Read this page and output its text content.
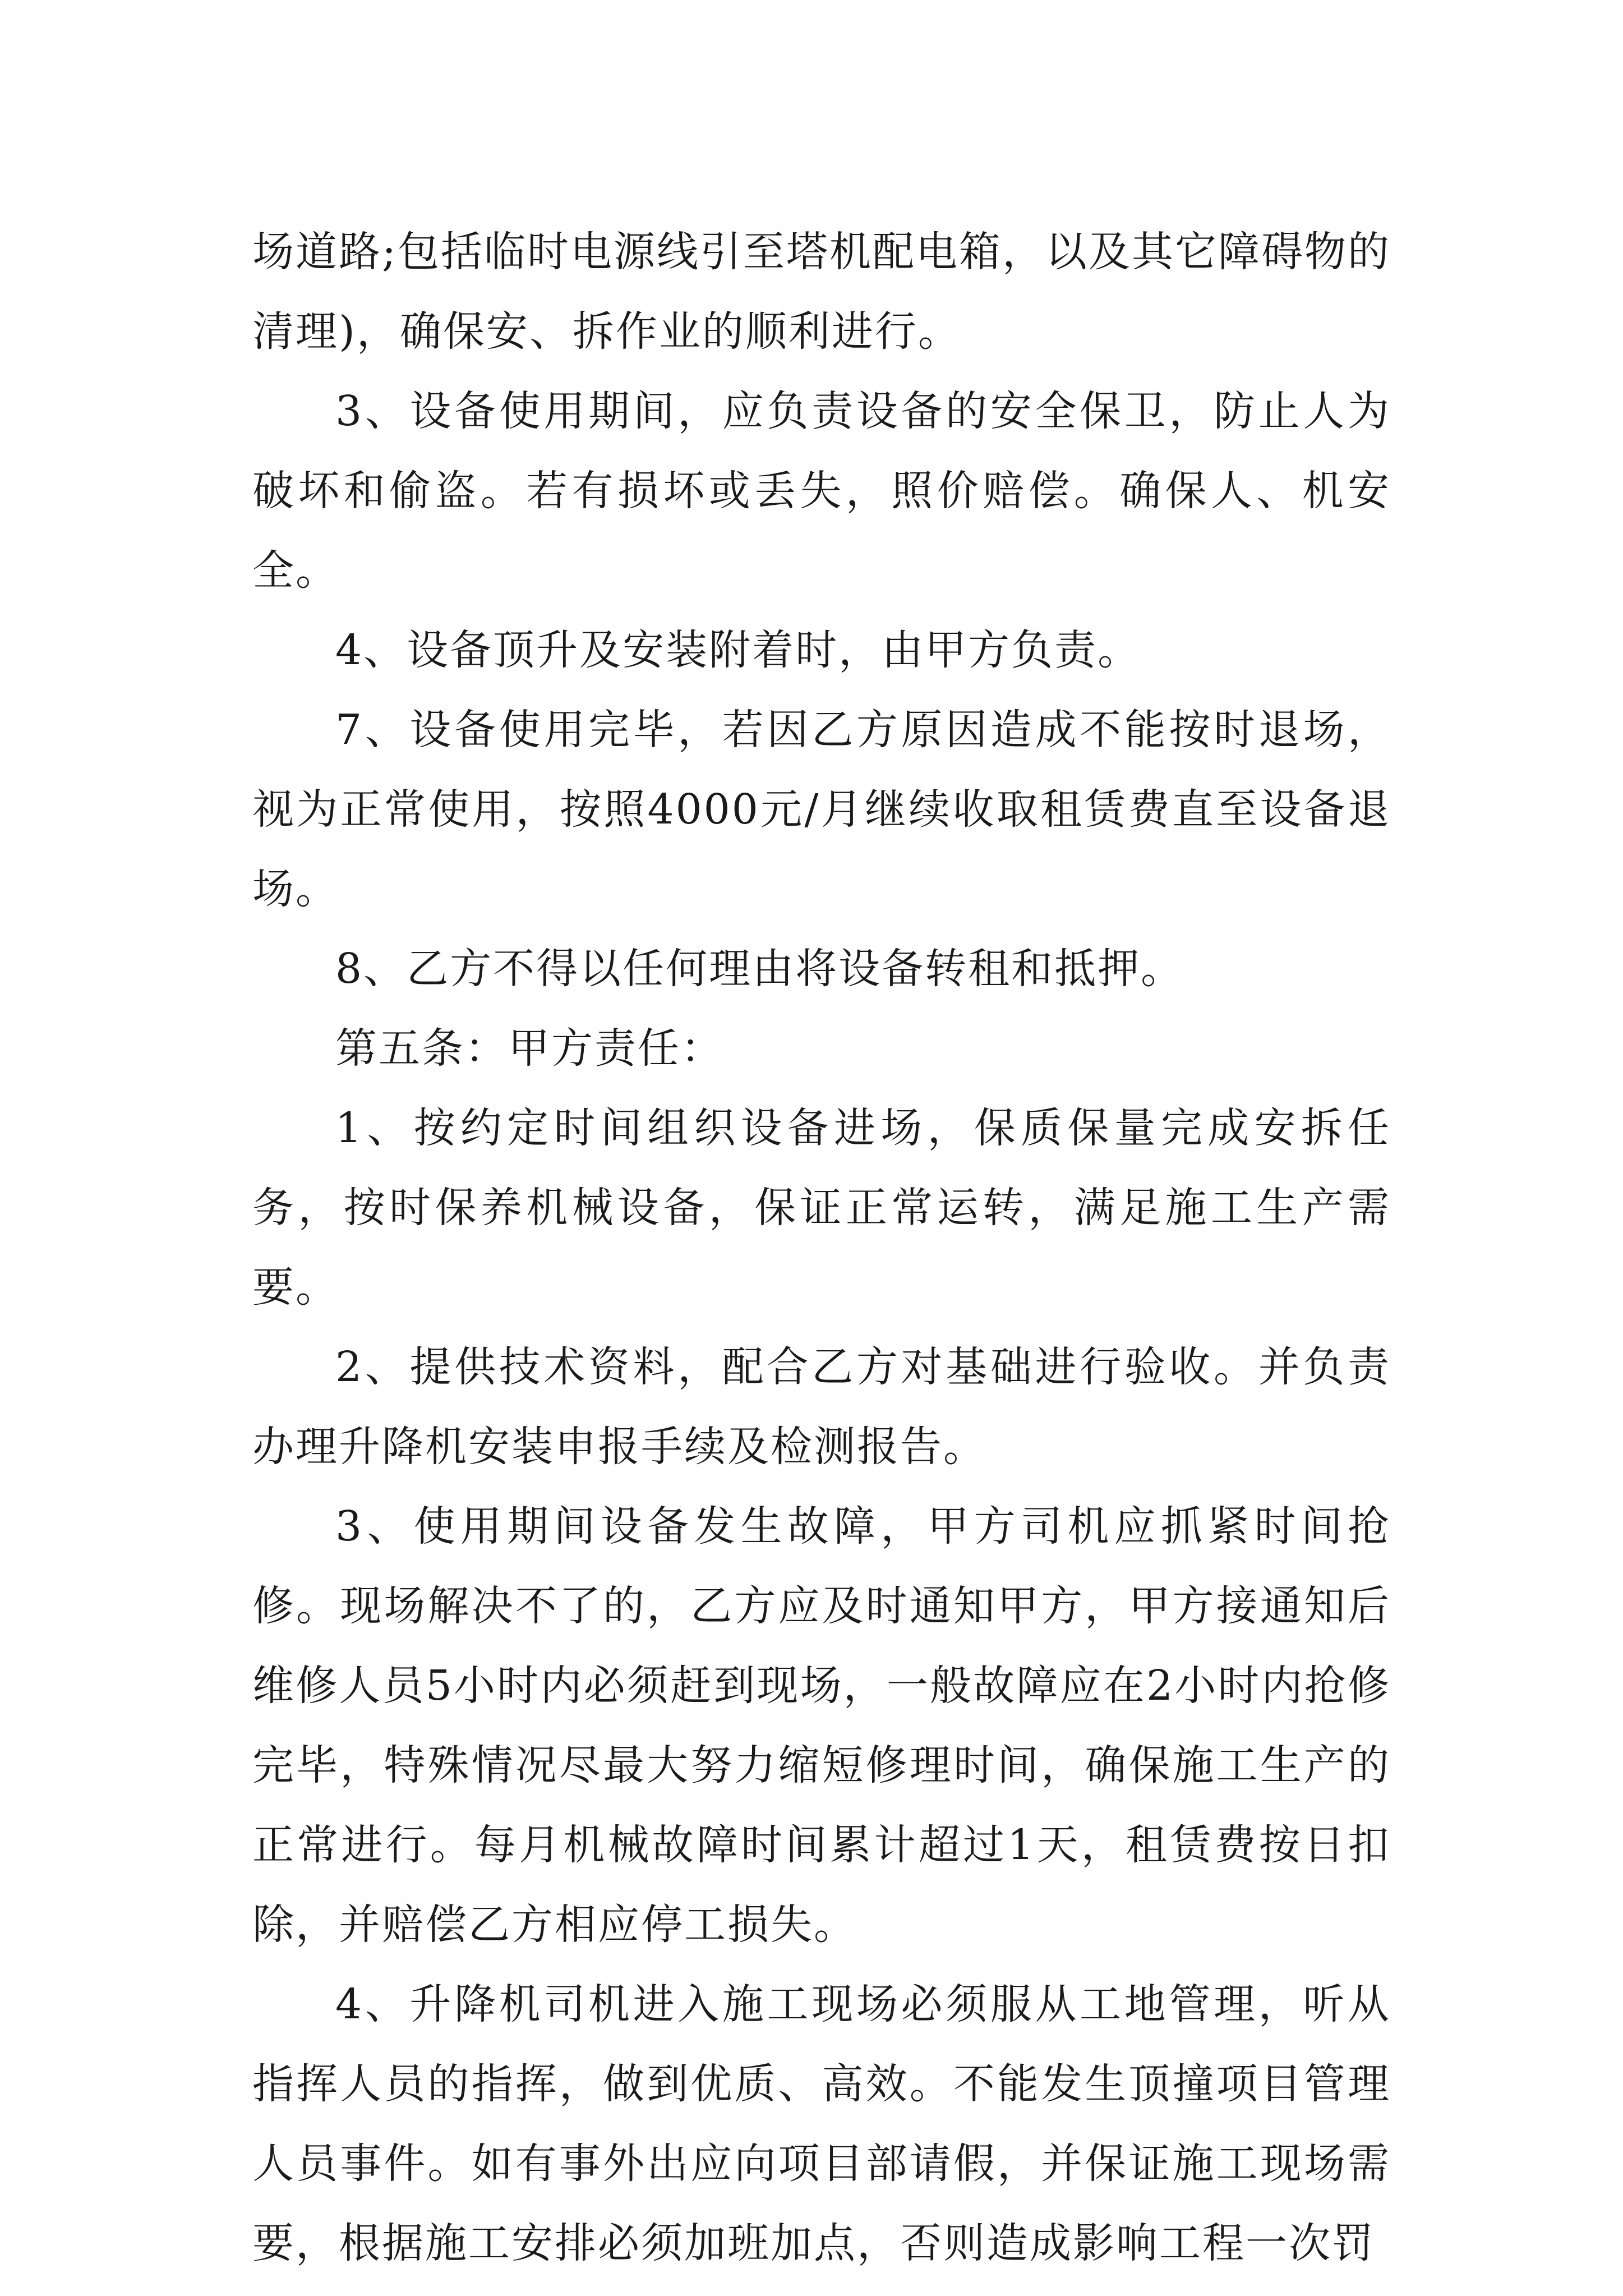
场道路;包括临时电源线引至塔机配电箱，以及其它障碍物的清理)，确保安、拆作业的顺利进行。

3、设备使用期间，应负责设备的安全保卫，防止人为破坏和偷盗。若有损坏或丢失，照价赔偿。确保人、机安全。

4、设备顶升及安装附着时，由甲方负责。

7、设备使用完毕，若因乙方原因造成不能按时退场，视为正常使用，按照4000元/月继续收取租赁费直至设备退场。

8、乙方不得以任何理由将设备转租和抵押。

第五条：甲方责任：

1、按约定时间组织设备进场，保质保量完成安拆任务，按时保养机械设备，保证正常运转，满足施工生产需要。

2、提供技术资料，配合乙方对基础进行验收。并负责办理升降机安装申报手续及检测报告。

3、使用期间设备发生故障，甲方司机应抓紧时间抢修。现场解决不了的，乙方应及时通知甲方，甲方接通知后维修人员5小时内必须赶到现场，一般故障应在2小时内抢修完毕，特殊情况尽最大努力缩短修理时间，确保施工生产的正常进行。每月机械故障时间累计超过1天，租赁费按日扣除，并赔偿乙方相应停工损失。

4、升降机司机进入施工现场必须服从工地管理，听从指挥人员的指挥，做到优质、高效。不能发生顶撞项目管理人员事件。如有事外出应向项目部请假，并保证施工现场需要，根据施工安排必须加班加点，否则造成影响工程一次罚
